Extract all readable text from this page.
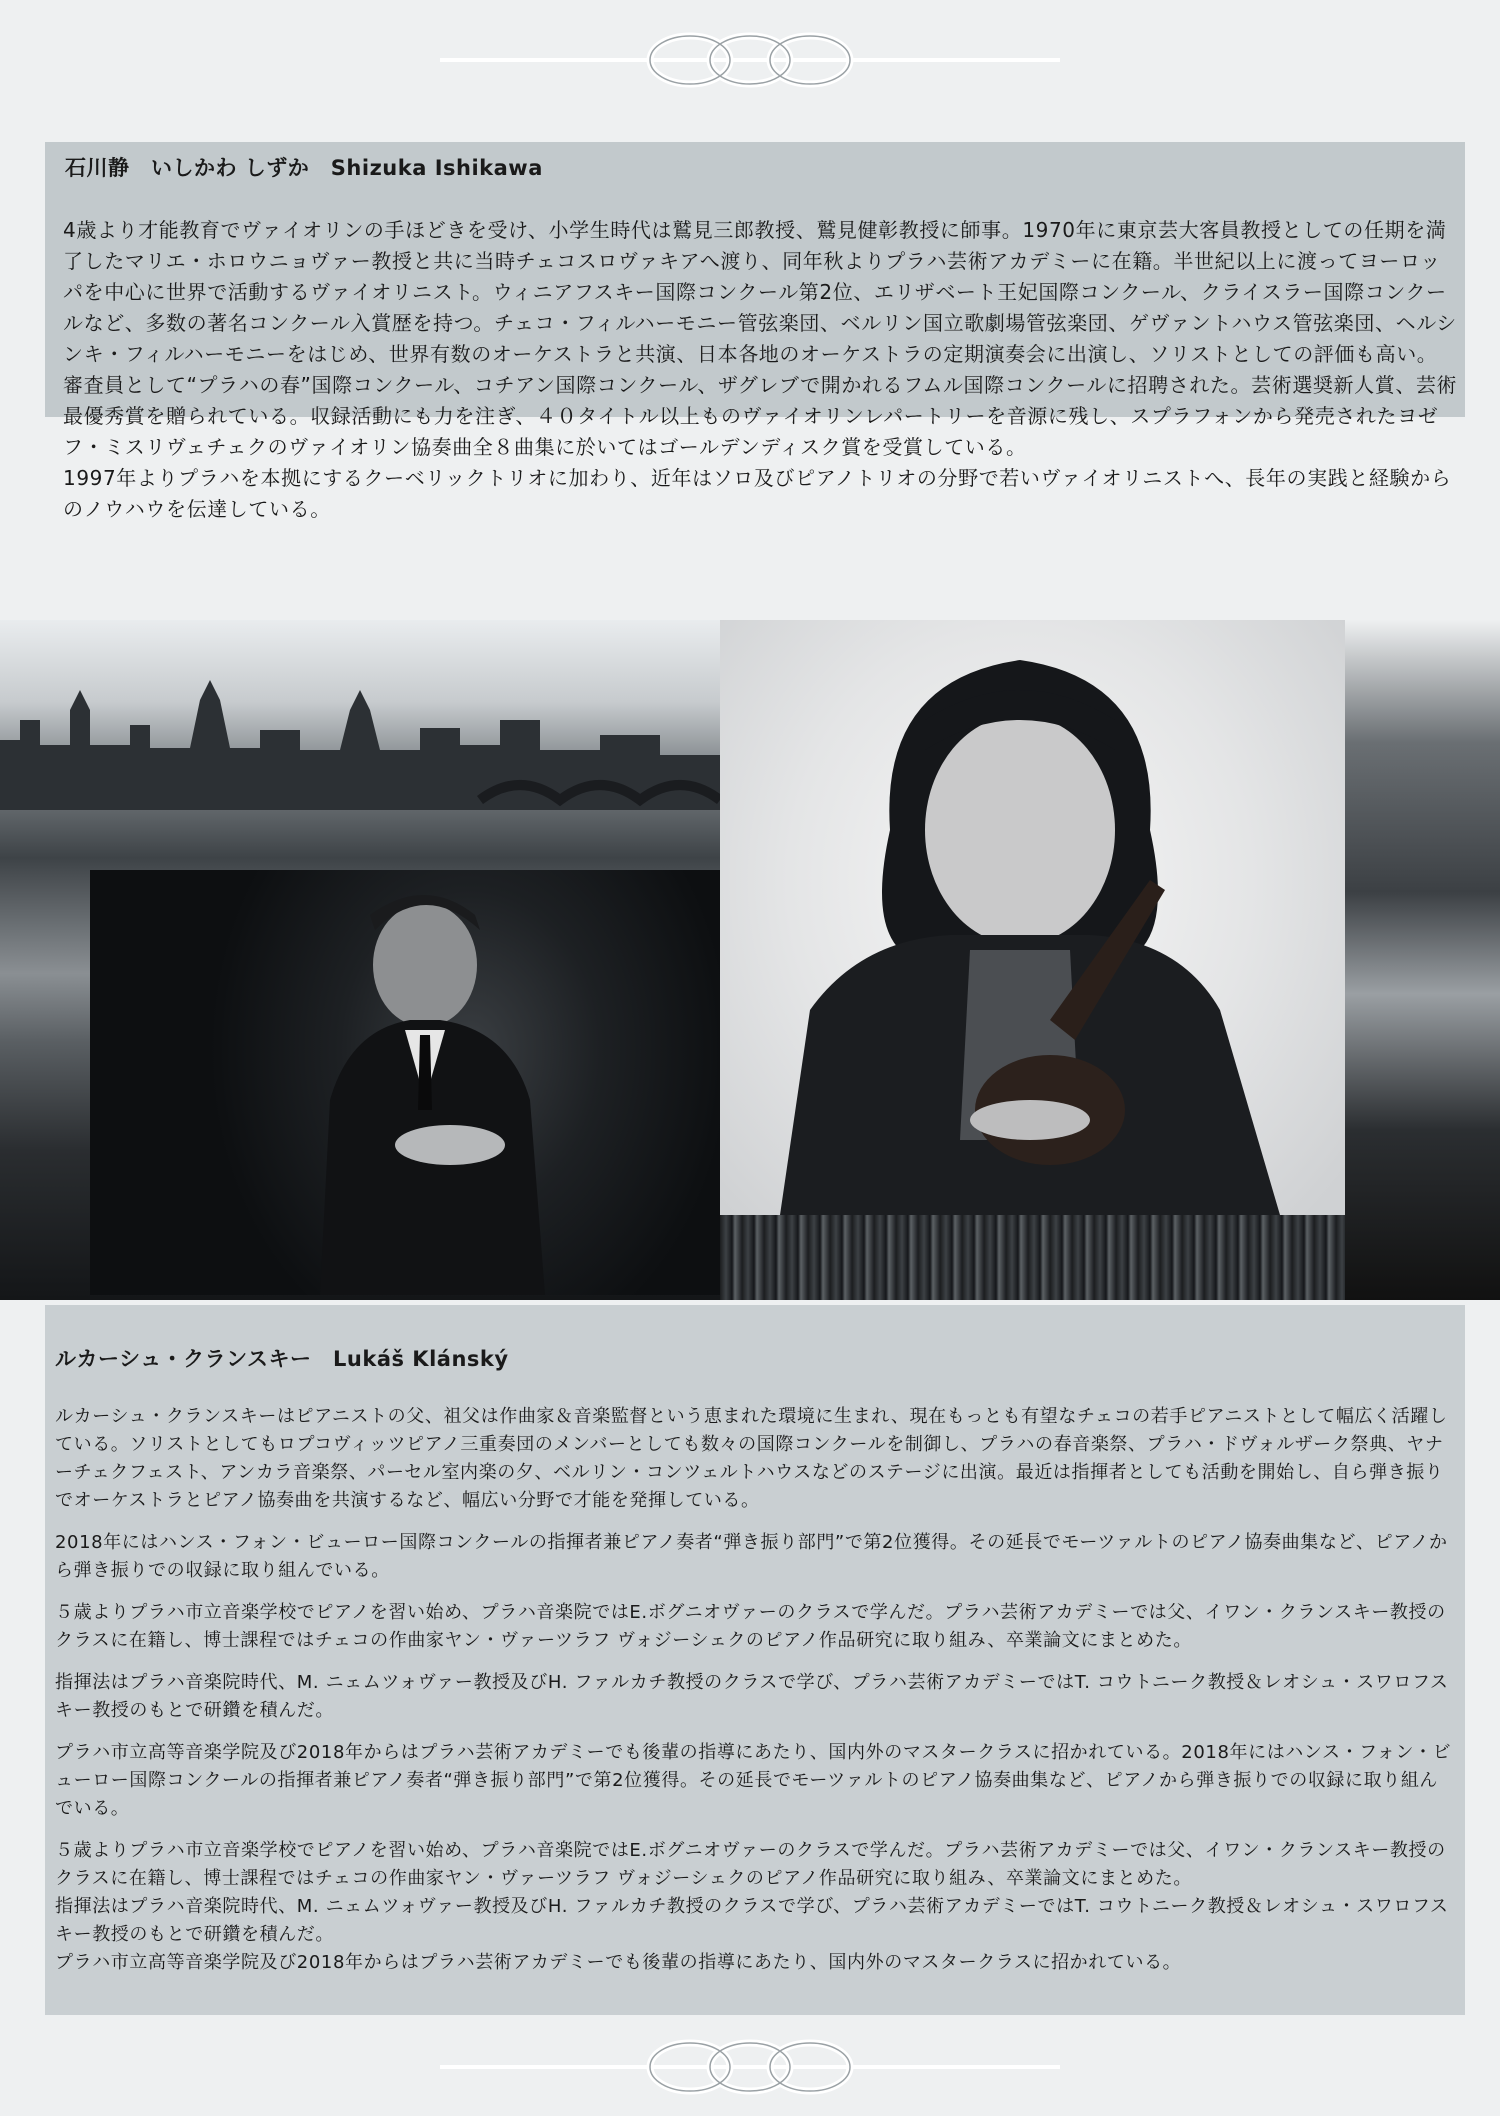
石川静　いしかわ しずか　Shizuka Ishikawa

4歳より才能教育でヴァイオリンの手ほどきを受け、小学生時代は鷲見三郎教授、鷲見健彰教授に師事。1970年に東京芸大客員教授としての任期を満了したマリエ・ホロウニョヴァー教授と共に当時チェコスロヴァキアへ渡り、同年秋よりプラハ芸術アカデミーに在籍。半世紀以上に渡ってヨーロッパを中心に世界で活動するヴァイオリニスト。ウィニアフスキー国際コンクール第2位、エリザベート王妃国際コンクール、クライスラー国際コンクールなど、多数の著名コンクール入賞歴を持つ。チェコ・フィルハーモニー管弦楽団、ベルリン国立歌劇場管弦楽団、ゲヴァントハウス管弦楽団、ヘルシンキ・フィルハーモニーをはじめ、世界有数のオーケストラと共演、日本各地のオーケストラの定期演奏会に出演し、ソリストとしての評価も高い。

審査員として“プラハの春”国際コンクール、コチアン国際コンクール、ザグレブで開かれるフムル国際コンクールに招聘された。芸術選奨新人賞、芸術最優秀賞を贈られている。収録活動にも力を注ぎ、４０タイトル以上ものヴァイオリンレパートリーを音源に残し、スプラフォンから発売されたヨゼフ・ミスリヴェチェクのヴァイオリン協奏曲全８曲集に於いてはゴールデンディスク賞を受賞している。

1997年よりプラハを本拠にするクーベリックトリオに加わり、近年はソロ及びピアノトリオの分野で若いヴァイオリニストへ、長年の実践と経験からのノウハウを伝達している。

ルカーシュ・クランスキー　Lukáš Klánský

ルカーシュ・クランスキーはピアニストの父、祖父は作曲家＆音楽監督という恵まれた環境に生まれ、現在もっとも有望なチェコの若手ピアニストとして幅広く活躍している。ソリストとしてもロプコヴィッツピアノ三重奏団のメンバーとしても数々の国際コンクールを制御し、プラハの春音楽祭、プラハ・ドヴォルザーク祭典、ヤナーチェクフェスト、アンカラ音楽祭、パーセル室内楽の夕、ベルリン・コンツェルトハウスなどのステージに出演。最近は指揮者としても活動を開始し、自ら弾き振りでオーケストラとピアノ協奏曲を共演するなど、幅広い分野で才能を発揮している。

2018年にはハンス・フォン・ビューロー国際コンクールの指揮者兼ピアノ奏者“弾き振り部門”で第2位獲得。その延長でモーツァルトのピアノ協奏曲集など、ピアノから弾き振りでの収録に取り組んでいる。

５歳よりプラハ市立音楽学校でピアノを習い始め、プラハ音楽院ではE.ボグニオヴァーのクラスで学んだ。プラハ芸術アカデミーでは父、イワン・クランスキー教授のクラスに在籍し、博士課程ではチェコの作曲家ヤン・ヴァーツラフ ヴォジーシェクのピアノ作品研究に取り組み、卒業論文にまとめた。

指揮法はプラハ音楽院時代、M. ニェムツォヴァー教授及びH. ファルカチ教授のクラスで学び、プラハ芸術アカデミーではT. コウトニーク教授＆レオシュ・スワロフスキー教授のもとで研鑽を積んだ。

プラハ市立高等音楽学院及び2018年からはプラハ芸術アカデミーでも後輩の指導にあたり、国内外のマスタークラスに招かれている。2018年にはハンス・フォン・ビューロー国際コンクールの指揮者兼ピアノ奏者“弾き振り部門”で第2位獲得。その延長でモーツァルトのピアノ協奏曲集など、ピアノから弾き振りでの収録に取り組んでいる。

５歳よりプラハ市立音楽学校でピアノを習い始め、プラハ音楽院ではE.ボグニオヴァーのクラスで学んだ。プラハ芸術アカデミーでは父、イワン・クランスキー教授のクラスに在籍し、博士課程ではチェコの作曲家ヤン・ヴァーツラフ ヴォジーシェクのピアノ作品研究に取り組み、卒業論文にまとめた。

指揮法はプラハ音楽院時代、M. ニェムツォヴァー教授及びH. ファルカチ教授のクラスで学び、プラハ芸術アカデミーではT. コウトニーク教授＆レオシュ・スワロフスキー教授のもとで研鑽を積んだ。

プラハ市立高等音楽学院及び2018年からはプラハ芸術アカデミーでも後輩の指導にあたり、国内外のマスタークラスに招かれている。
